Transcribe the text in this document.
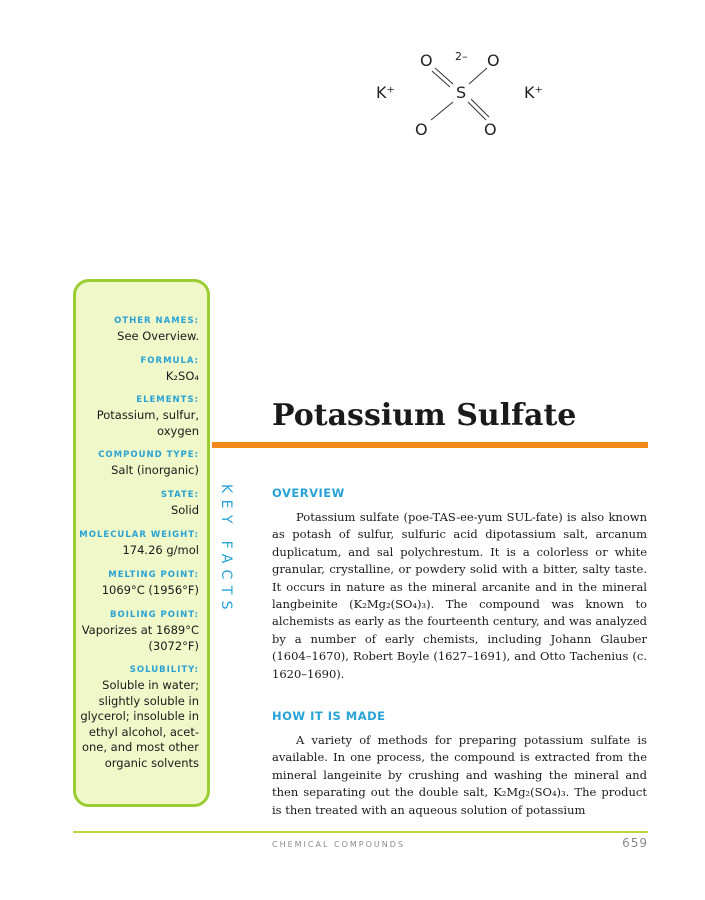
S
O	O
O	O
K⁺	K⁺
2–
OTHER NAMES:
See Overview.
FORMULA:
K₂SO₄
ELEMENTS:
Potassium, sulfur,
oxygen
COMPOUND TYPE:
Salt (inorganic)
STATE:
Solid
MOLECULAR WEIGHT:
174.26 g/mol
MELTING POINT:
1069°C (1956°F)
BOILING POINT:
Vaporizes at 1689°C
(3072°F)
SOLUBILITY:
Soluble in water;
slightly soluble in
glycerol; insoluble in
ethyl alcohol, acet-
one, and most other
organic solvents
KEY FACTS
Potassium Sulfate
OVERVIEW

Potassium sulfate (poe-TAS-ee-yum SUL-fate) is also known as potash of sulfur, sulfuric acid dipotassium salt, arcanum duplicatum, and sal polychrestum. It is a colorless or white granular, crystalline, or powdery solid with a bitter, salty taste. It occurs in nature as the mineral arcanite and in the mineral langbeinite (K₂Mg₂(SO₄)₃). The compound was known to alchemists as early as the fourteenth century, and was analyzed by a number of early chemists, including Johann Glauber (1604–1670), Robert Boyle (1627–1691), and Otto Tachenius (c. 1620–1690).

HOW IT IS MADE

A variety of methods for preparing potassium sulfate is available. In one process, the compound is extracted from the mineral langeinite by crushing and washing the mineral and then separating out the double salt, K₂Mg₂(SO₄)₃. The product is then treated with an aqueous solution of potassium

CHEMICAL COMPOUNDS	659
